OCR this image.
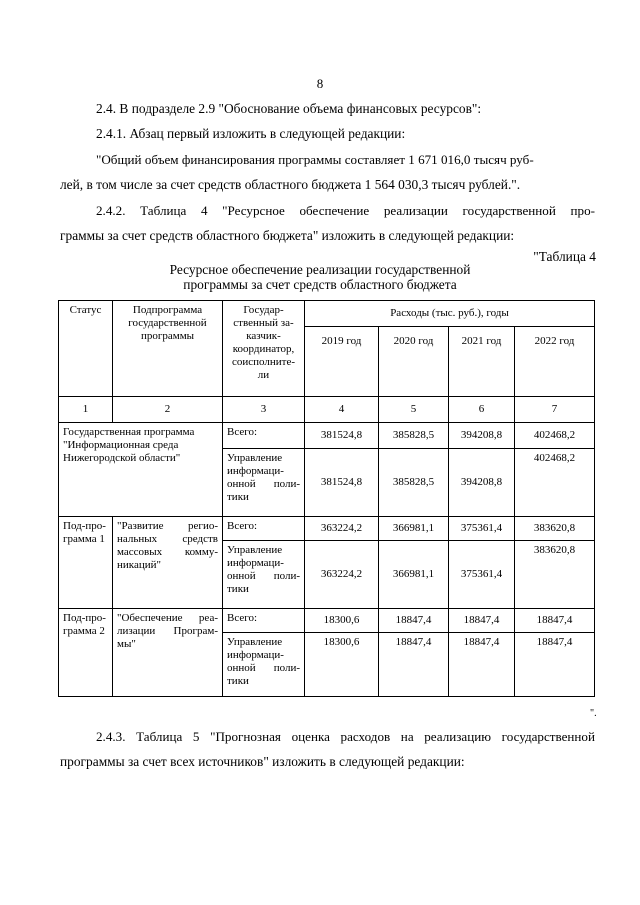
8
2.4. В подразделе 2.9 "Обоснование объема финансовых ресурсов":
2.4.1. Абзац первый изложить в следующей редакции:
"Общий объем финансирования программы составляет 1 671 016,0 тысяч руб-
лей, в том числе за счет средств областного бюджета 1 564 030,3 тысяч рублей.".
2.4.2. Таблица 4 "Ресурсное обеспечение реализации государственной про-
граммы за счет средств областного бюджета" изложить в следующей редакции:
"Таблица 4
Ресурсное обеспечение реализации государственной
программы за счет средств областного бюджета
Статус	Подпрограмма государственной программы	Государ-ственный за-казчик-координатор, соисполните-ли	Расходы (тыс. руб.), годы			
			2019 год	2020 год	2021 год	2022 год
1	2	3	4	5	6	7
Государственная программа "Информационная среда Нижегородской области"		Всего:	381524,8	385828,5	394208,8	402468,2
		Управление информаци-онной поли-тики	381524,8	385828,5	394208,8	402468,2
Под-про-грамма 1	"Развитие регио-нальных средств массовых комму-никаций"	Всего:	363224,2	366981,1	375361,4	383620,8
		Управление информаци-онной поли-тики	363224,2	366981,1	375361,4	383620,8
Под-про-грамма 2	"Обеспечение реа-лизации Програм-мы"	Всего:	18300,6	18847,4	18847,4	18847,4
		Управление информаци-онной поли-тики	18300,6	18847,4	18847,4	18847,4
".
2.4.3. Таблица 5 "Прогнозная оценка расходов на реализацию государственной
программы за счет всех источников" изложить в следующей редакции:
